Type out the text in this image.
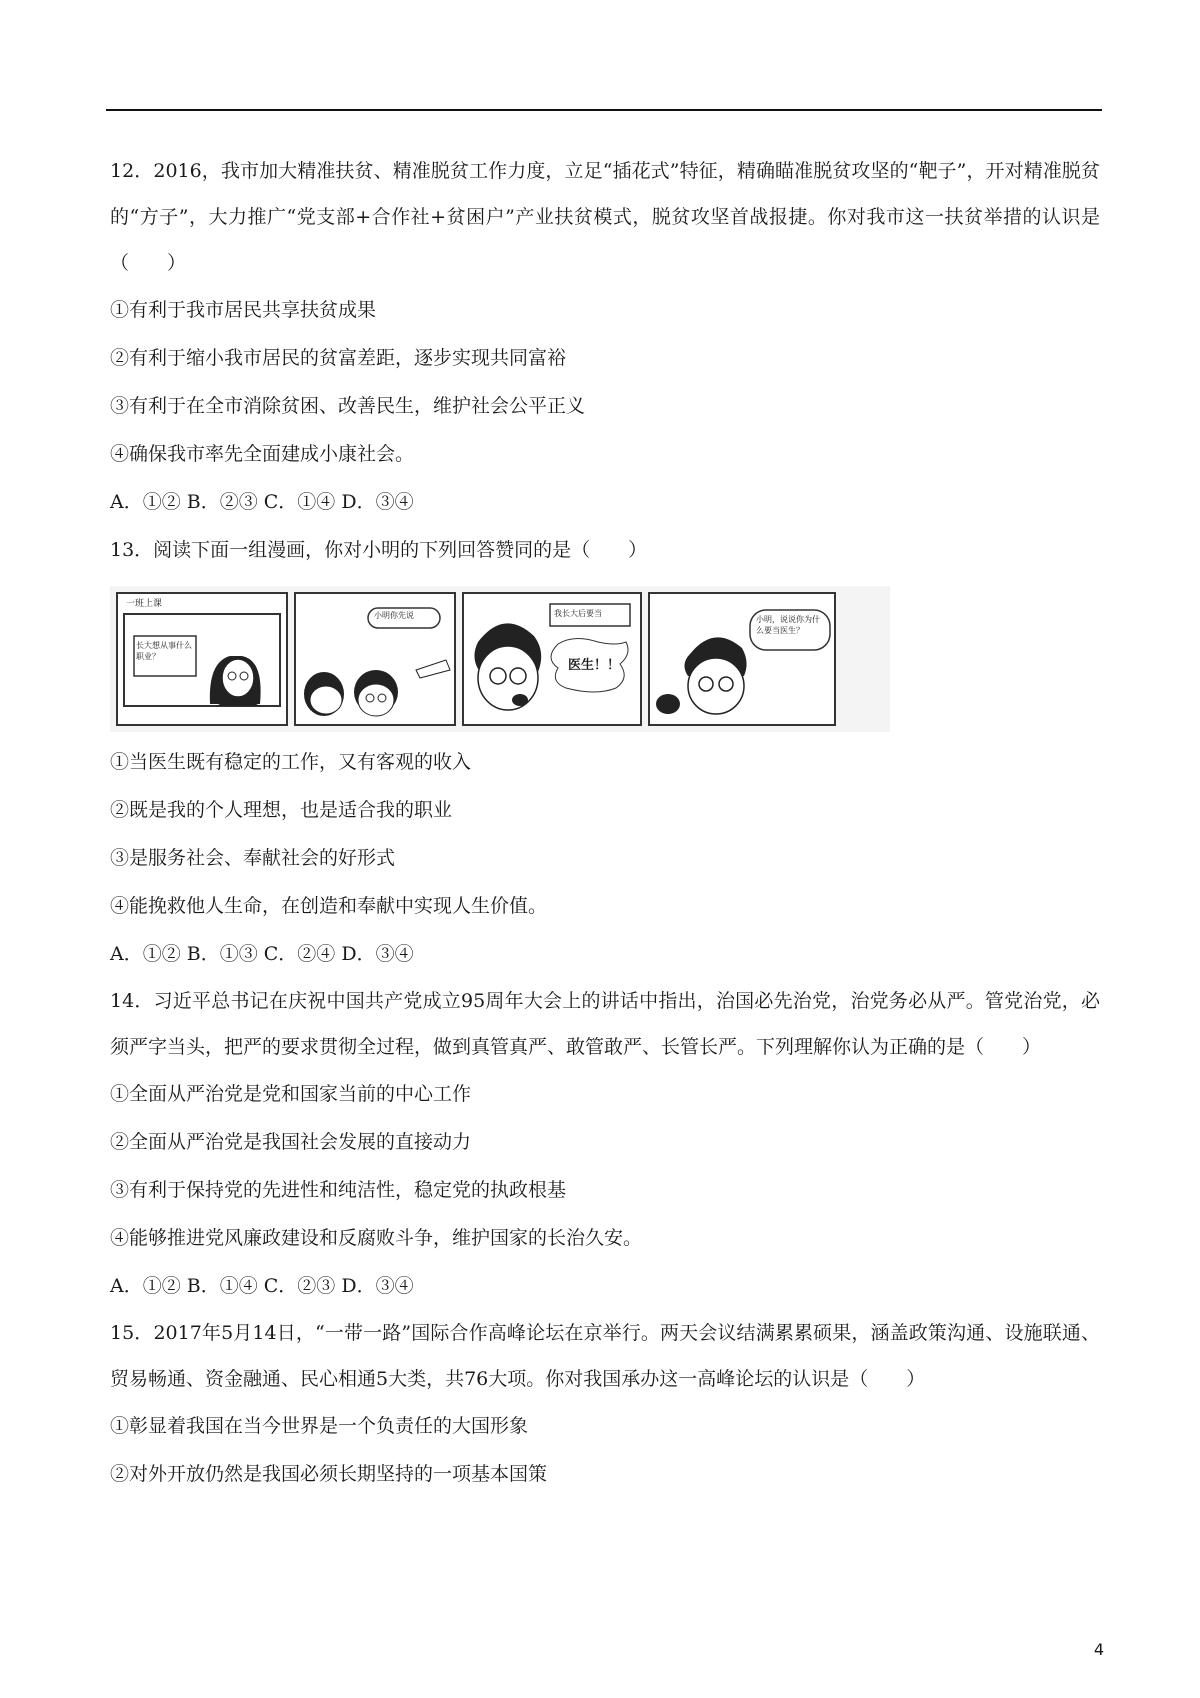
12．2016，我市加大精准扶贫、精准脱贫工作力度，立足“插花式”特征，精确瞄准脱贫攻坚的“靶子”，开对精准脱贫的“方子”，大力推广“党支部+合作社+贫困户”产业扶贫模式，脱贫攻坚首战报捷。你对我市这一扶贫举措的认识是（　　）

①有利于我市居民共享扶贫成果
②有利于缩小我市居民的贫富差距，逐步实现共同富裕
③有利于在全市消除贫困、改善民生，维护社会公平正义
④确保我市率先全面建成小康社会。
A．①② B．②③ C．①④ D．③④
13．阅读下面一组漫画，你对小明的下列回答赞同的是（　　）
一班上课
长大想从事什么职业？
小明你先说	我长大后要当
医生！！
小明，说说你为什么要当医生？
①当医生既有稳定的工作，又有客观的收入
②既是我的个人理想，也是适合我的职业
③是服务社会、奉献社会的好形式
④能挽救他人生命，在创造和奉献中实现人生价值。
A．①② B．①③ C．②④ D．③④

14．习近平总书记在庆祝中国共产党成立95周年大会上的讲话中指出，治国必先治党，治党务必从严。管党治党，必须严字当头，把严的要求贯彻全过程，做到真管真严、敢管敢严、长管长严。下列理解你认为正确的是（　　）

①全面从严治党是党和国家当前的中心工作
②全面从严治党是我国社会发展的直接动力
③有利于保持党的先进性和纯洁性，稳定党的执政根基
④能够推进党风廉政建设和反腐败斗争，维护国家的长治久安。
A．①② B．①④ C．②③ D．③④

15．2017年5月14日，“一带一路”国际合作高峰论坛在京举行。两天会议结满累累硕果，涵盖政策沟通、设施联通、贸易畅通、资金融通、民心相通5大类，共76大项。你对我国承办这一高峰论坛的认识是（　　）

①彰显着我国在当今世界是一个负责任的大国形象
②对外开放仍然是我国必须长期坚持的一项基本国策
4
